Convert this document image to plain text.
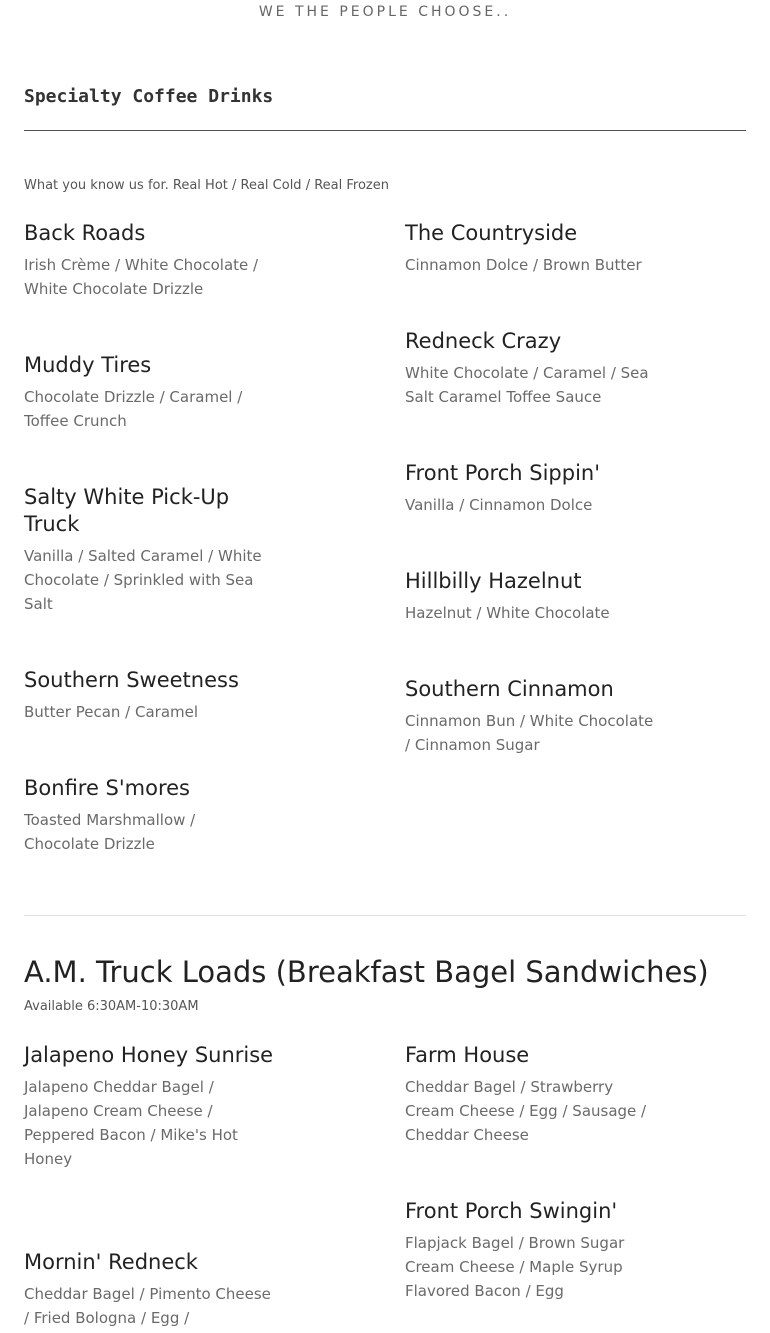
WE THE PEOPLE CHOOSE..
Specialty Coffee Drinks
What you know us for. Real Hot / Real Cold / Real Frozen
Back Roads
Irish Crème / White Chocolate / White Chocolate Drizzle
Muddy Tires
Chocolate Drizzle / Caramel / Toffee Crunch
Salty White Pick-Up Truck
Vanilla / Salted Caramel / White Chocolate / Sprinkled with Sea Salt
Southern Sweetness
Butter Pecan / Caramel
Bonfire S'mores
Toasted Marshmallow / Chocolate Drizzle
The Countryside
Cinnamon Dolce / Brown Butter
Redneck Crazy
White Chocolate / Caramel / Sea Salt Caramel Toffee Sauce
Front Porch Sippin'
Vanilla / Cinnamon Dolce
Hillbilly Hazelnut
Hazelnut / White Chocolate
Southern Cinnamon
Cinnamon Bun / White Chocolate / Cinnamon Sugar
A.M. Truck Loads (Breakfast Bagel Sandwiches)
Available 6:30AM-10:30AM
Jalapeno Honey Sunrise
Jalapeno Cheddar Bagel / Jalapeno Cream Cheese / Peppered Bacon / Mike's Hot Honey
Mornin' Redneck
Cheddar Bagel / Pimento Cheese / Fried Bologna / Egg /
Farm House
Cheddar Bagel / Strawberry Cream Cheese / Egg / Sausage / Cheddar Cheese
Front Porch Swingin'
Flapjack Bagel / Brown Sugar Cream Cheese / Maple Syrup Flavored Bacon / Egg
